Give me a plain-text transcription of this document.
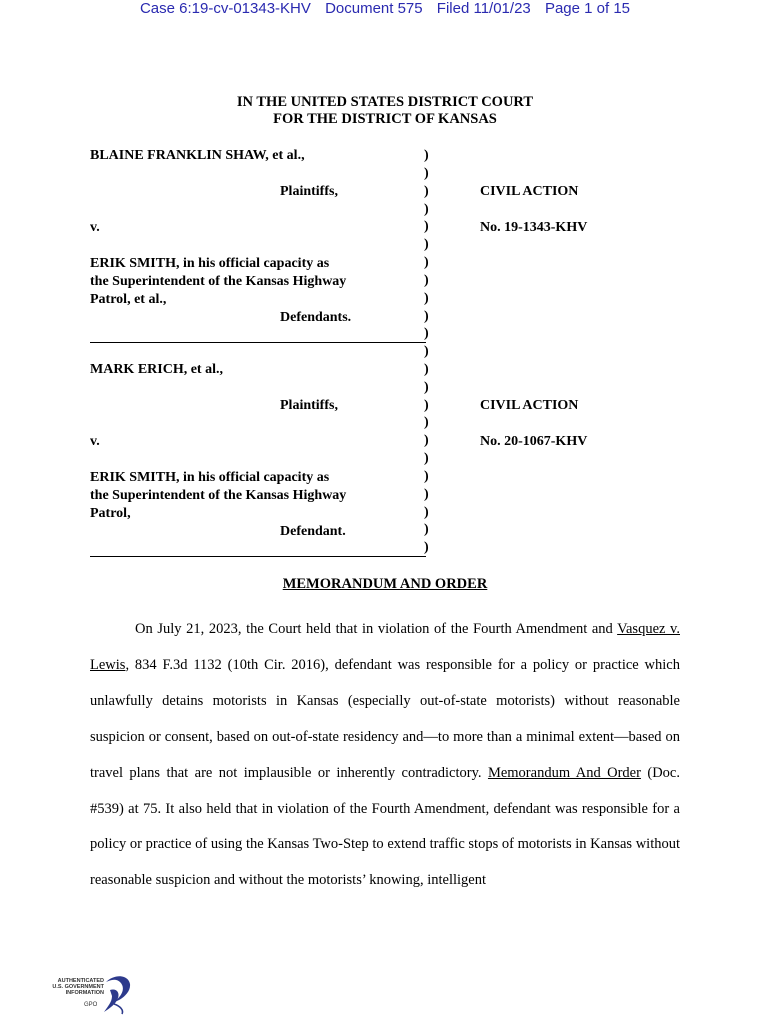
Case 6:19-cv-01343-KHV Document 575 Filed 11/01/23 Page 1 of 15
IN THE UNITED STATES DISTRICT COURT
FOR THE DISTRICT OF KANSAS
BLAINE FRANKLIN SHAW, et al.,
Plaintiffs,
v.
ERIK SMITH, in his official capacity as
the Superintendent of the Kansas Highway
Patrol, et al.,
Defendants.
CIVIL ACTION
No. 19-1343-KHV
)
)
)
)
)
)
)
)
)
)
)
MARK ERICH, et al.,
Plaintiffs,
v.
ERIK SMITH, in his official capacity as
the Superintendent of the Kansas Highway
Patrol,
Defendant.
CIVIL ACTION
No. 20-1067-KHV
)
)
)
)
)
)
)
)
)
)
)
)
MEMORANDUM AND ORDER

On July 21, 2023, the Court held that in violation of the Fourth Amendment and Vasquez v. Lewis, 834 F.3d 1132 (10th Cir. 2016), defendant was responsible for a policy or practice which unlawfully detains motorists in Kansas (especially out-of-state motorists) without reasonable suspicion or consent, based on out-of-state residency and—to more than a minimal extent—based on travel plans that are not implausible or inherently contradictory. Memorandum And Order (Doc. #539) at 75. It also held that in violation of the Fourth Amendment, defendant was responsible for a policy or practice of using the Kansas Two-Step to extend traffic stops of motorists in Kansas without reasonable suspicion and without the motorists’ knowing, intelligent

AUTHENTICATED
U.S. GOVERNMENT
INFORMATION
GPO
